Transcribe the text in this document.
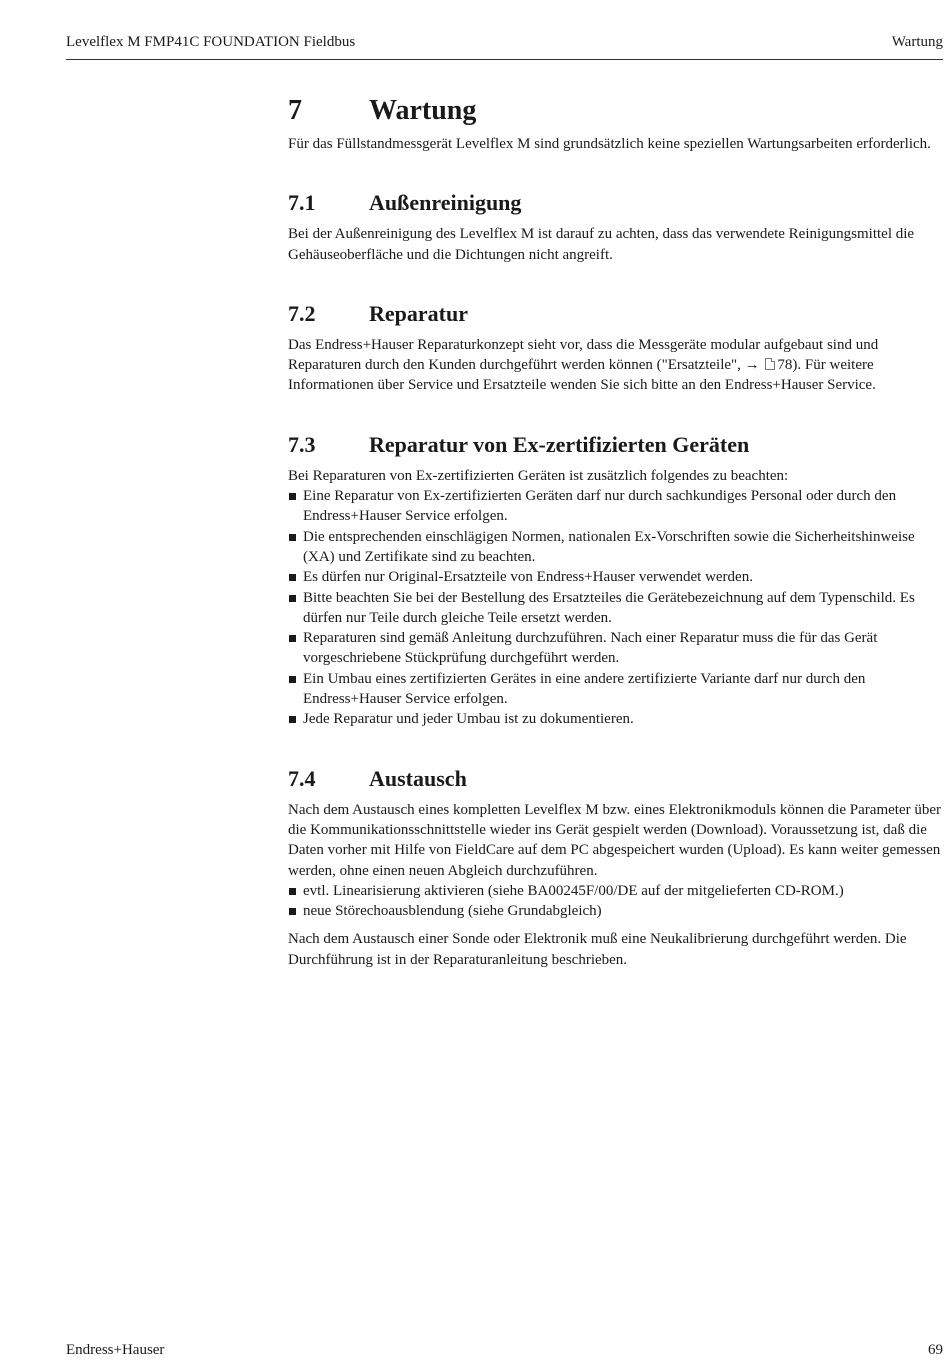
Levelflex M FMP41C FOUNDATION Fieldbus	Wartung
7	Wartung

Für das Füllstandmessgerät Levelflex M sind grundsätzlich keine speziellen Wartungsarbeiten erforderlich.

7.1	Außenreinigung

Bei der Außenreinigung des Levelflex M ist darauf zu achten, dass das verwendete Reinigungsmittel die Gehäuseoberfläche und die Dichtungen nicht angreift.

7.2	Reparatur

Das Endress+Hauser Reparaturkonzept sieht vor, dass die Messgeräte modular aufgebaut sind und Reparaturen durch den Kunden durchgeführt werden können ("Ersatzteile", → 78). Für weitere Informationen über Service und Ersatzteile wenden Sie sich bitte an den Endress+Hauser Service.

7.3	Reparatur von Ex-zertifizierten Geräten

Bei Reparaturen von Ex-zertifizierten Geräten ist zusätzlich folgendes zu beachten:

Eine Reparatur von Ex-zertifizierten Geräten darf nur durch sachkundiges Personal oder durch den Endress+Hauser Service erfolgen.
Die entsprechenden einschlägigen Normen, nationalen Ex-Vorschriften sowie die Sicherheitshinweise (XA) und Zertifikate sind zu beachten.
Es dürfen nur Original-Ersatzteile von Endress+Hauser verwendet werden.
Bitte beachten Sie bei der Bestellung des Ersatzteiles die Gerätebezeichnung auf dem Typenschild. Es dürfen nur Teile durch gleiche Teile ersetzt werden.
Reparaturen sind gemäß Anleitung durchzuführen. Nach einer Reparatur muss die für das Gerät vorgeschriebene Stückprüfung durchgeführt werden.
Ein Umbau eines zertifizierten Gerätes in eine andere zertifizierte Variante darf nur durch den Endress+Hauser Service erfolgen.
Jede Reparatur und jeder Umbau ist zu dokumentieren.
7.4	Austausch

Nach dem Austausch eines kompletten Levelflex M bzw. eines Elektronikmoduls können die Parameter über die Kommunikationsschnittstelle wieder ins Gerät gespielt werden (Download). Voraussetzung ist, daß die Daten vorher mit Hilfe von FieldCare auf dem PC abgespeichert wurden (Upload). Es kann weiter gemessen werden, ohne einen neuen Abgleich durchzuführen.

evtl. Linearisierung aktivieren (siehe BA00245F/00/DE auf der mitgelieferten CD-ROM.)
neue Störechoausblendung (siehe Grundabgleich)

Nach dem Austausch einer Sonde oder Elektronik muß eine Neukalibrierung durchgeführt werden. Die Durchführung ist in der Reparaturanleitung beschrieben.

Endress+Hauser	69
